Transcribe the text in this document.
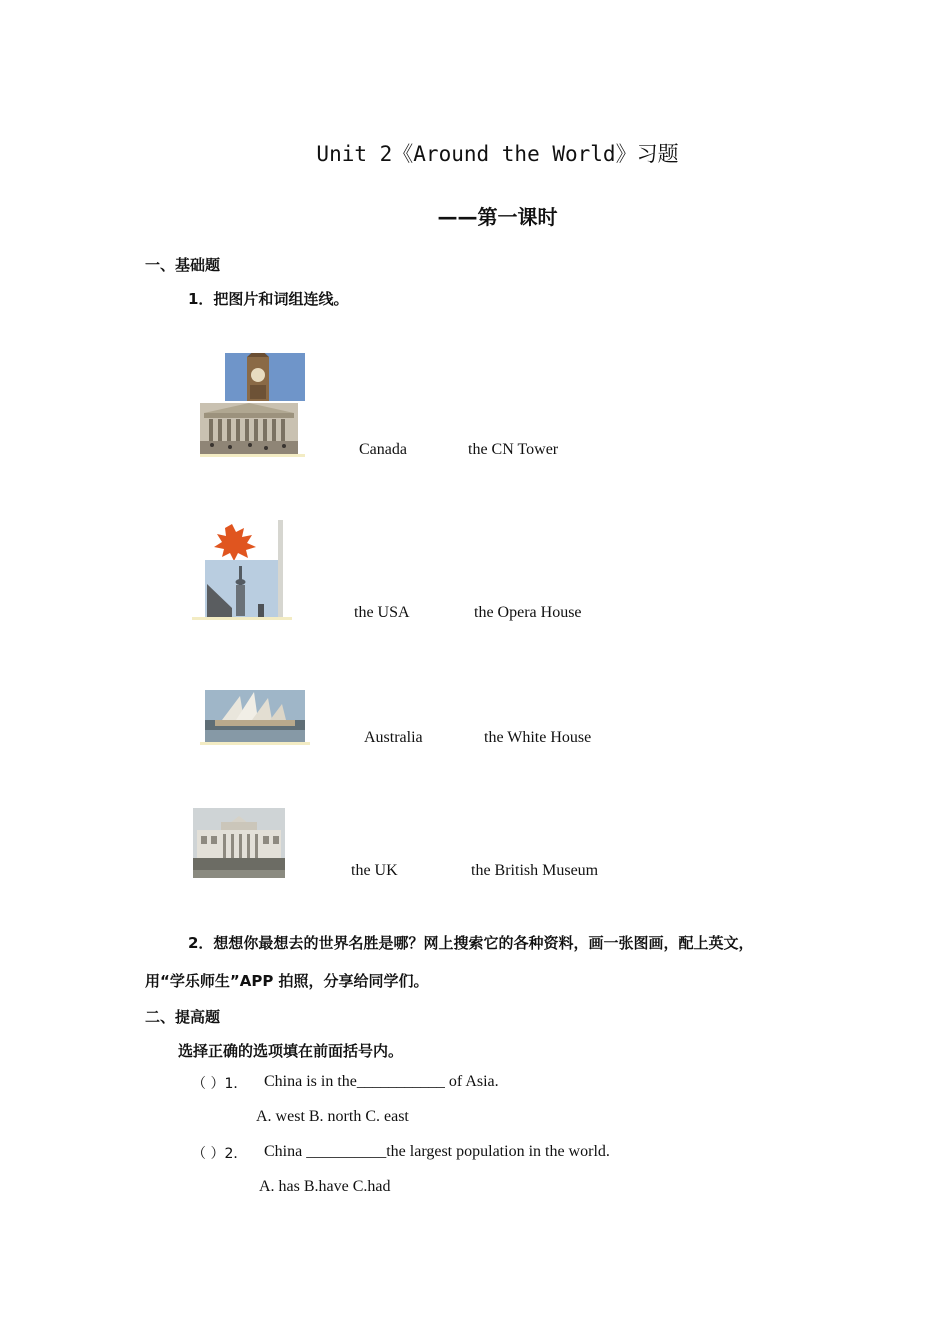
Unit 2《Around the World》习题
——第一课时
一、基础题
1．把图片和词组连线。
Canada	the CN Tower
the USA	the Opera House
Australia	the White House
the UK	the British Museum
2．想想你最想去的世界名胜是哪？网上搜索它的各种资料，画一张图画，配上英文，
用“学乐师生”APP 拍照，分享给同学们。
二、提高题
选择正确的选项填在前面括号内。
（ ）1． China is in the___________ of Asia.
A. west B. north C. east
（ ）2． China __________the largest population in the world.
A. has B.have C.had
